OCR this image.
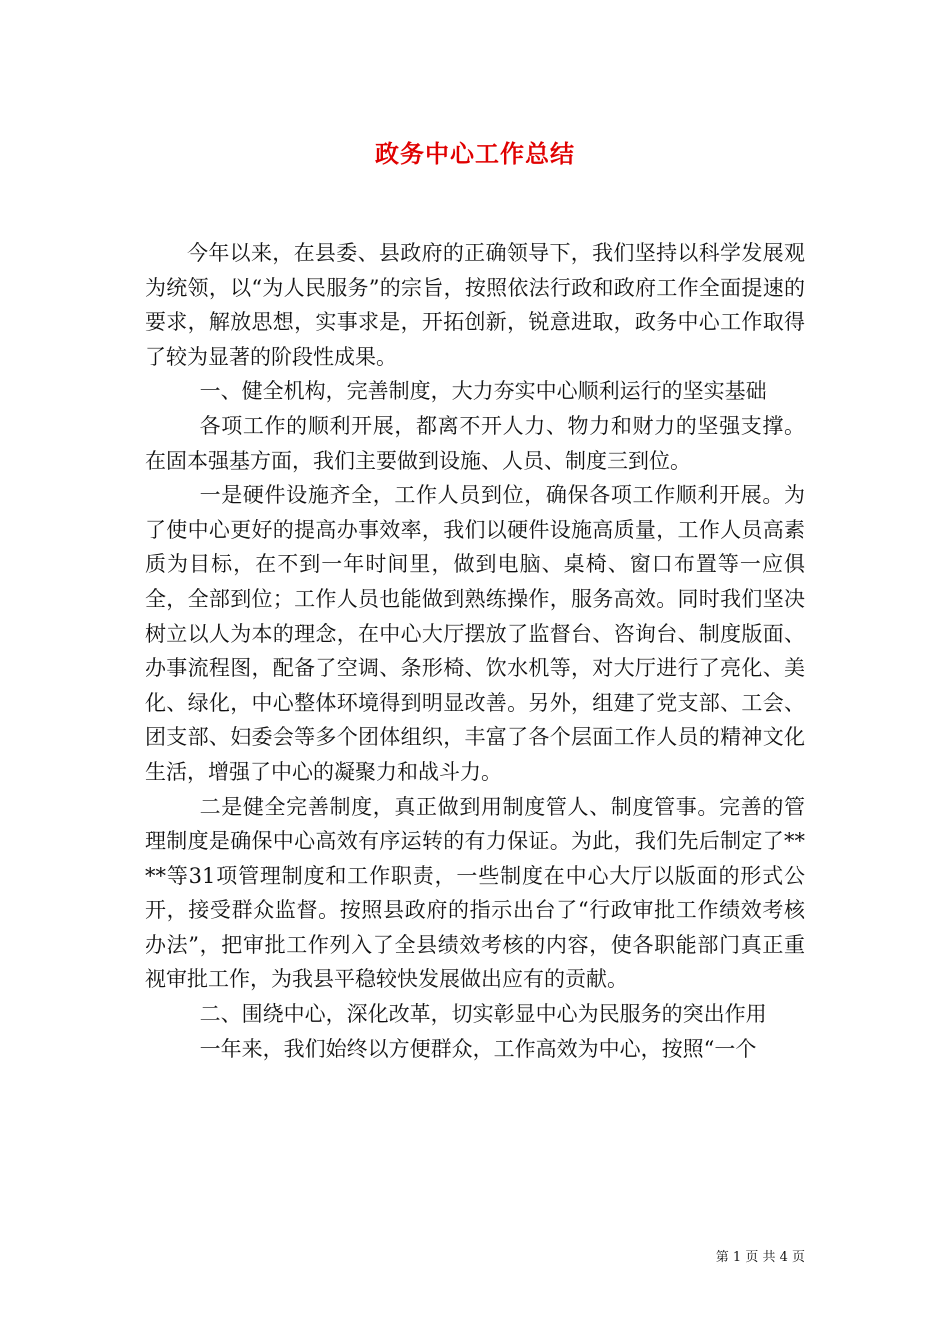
政务中心工作总结

今年以来，在县委、县政府的正确领导下，我们坚持以科学发展观为统领，以“为人民服务”的宗旨，按照依法行政和政府工作全面提速的要求，解放思想，实事求是，开拓创新，锐意进取，政务中心工作取得了较为显著的阶段性成果。

一、健全机构，完善制度，大力夯实中心顺利运行的坚实基础

各项工作的顺利开展，都离不开人力、物力和财力的坚强支撑。在固本强基方面，我们主要做到设施、人员、制度三到位。

一是硬件设施齐全，工作人员到位，确保各项工作顺利开展。为了使中心更好的提高办事效率，我们以硬件设施高质量，工作人员高素质为目标，在不到一年时间里，做到电脑、桌椅、窗口布置等一应俱全，全部到位；工作人员也能做到熟练操作，服务高效。同时我们坚决树立以人为本的理念，在中心大厅摆放了监督台、咨询台、制度版面、办事流程图，配备了空调、条形椅、饮水机等，对大厅进行了亮化、美化、绿化，中心整体环境得到明显改善。另外，组建了党支部、工会、团支部、妇委会等多个团体组织，丰富了各个层面工作人员的精神文化生活，增强了中心的凝聚力和战斗力。

二是健全完善制度，真正做到用制度管人、制度管事。完善的管理制度是确保中心高效有序运转的有力保证。为此，我们先后制定了****等31项管理制度和工作职责，一些制度在中心大厅以版面的形式公开，接受群众监督。按照县政府的指示出台了“行政审批工作绩效考核办法”，把审批工作列入了全县绩效考核的内容，使各职能部门真正重视审批工作，为我县平稳较快发展做出应有的贡献。

二、围绕中心，深化改革，切实彰显中心为民服务的突出作用

一年来，我们始终以方便群众，工作高效为中心，按照“一个

第 1 页 共 4 页
